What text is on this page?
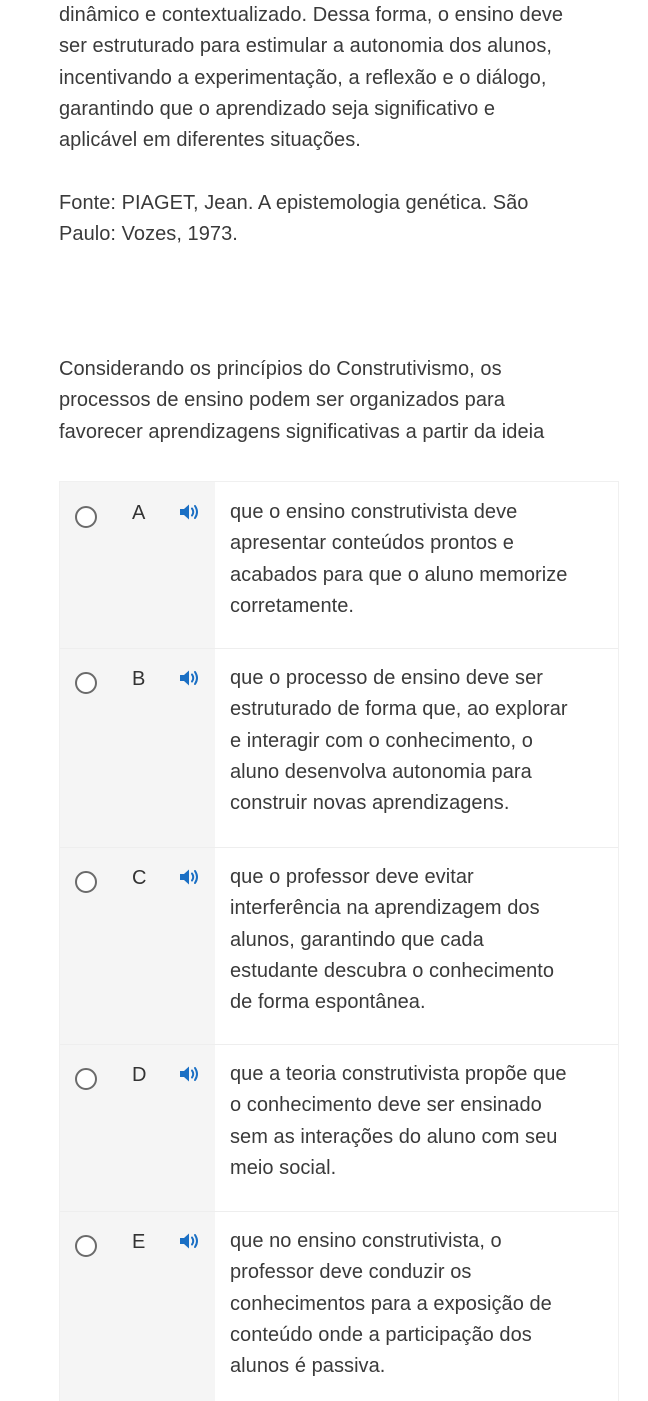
dinâmico e contextualizado. Dessa forma, o ensino deve
ser estruturado para estimular a autonomia dos alunos,
incentivando a experimentação, a reflexão e o diálogo,
garantindo que o aprendizado seja significativo e
aplicável em diferentes situações.

Fonte: PIAGET, Jean. A epistemologia genética. São
Paulo: Vozes, 1973.

Considerando os princípios do Construtivismo, os
processos de ensino podem ser organizados para
favorecer aprendizagens significativas a partir da ideia

A	que o ensino construtivista deve
apresentar conteúdos prontos e
acabados para que o aluno memorize
corretamente.
B	que o processo de ensino deve ser
estruturado de forma que, ao explorar
e interagir com o conhecimento, o
aluno desenvolva autonomia para
construir novas aprendizagens.
C	que o professor deve evitar
interferência na aprendizagem dos
alunos, garantindo que cada
estudante descubra o conhecimento
de forma espontânea.
D	que a teoria construtivista propõe que
o conhecimento deve ser ensinado
sem as interações do aluno com seu
meio social.
E	que no ensino construtivista, o
professor deve conduzir os
conhecimentos para a exposição de
conteúdo onde a participação dos
alunos é passiva.
